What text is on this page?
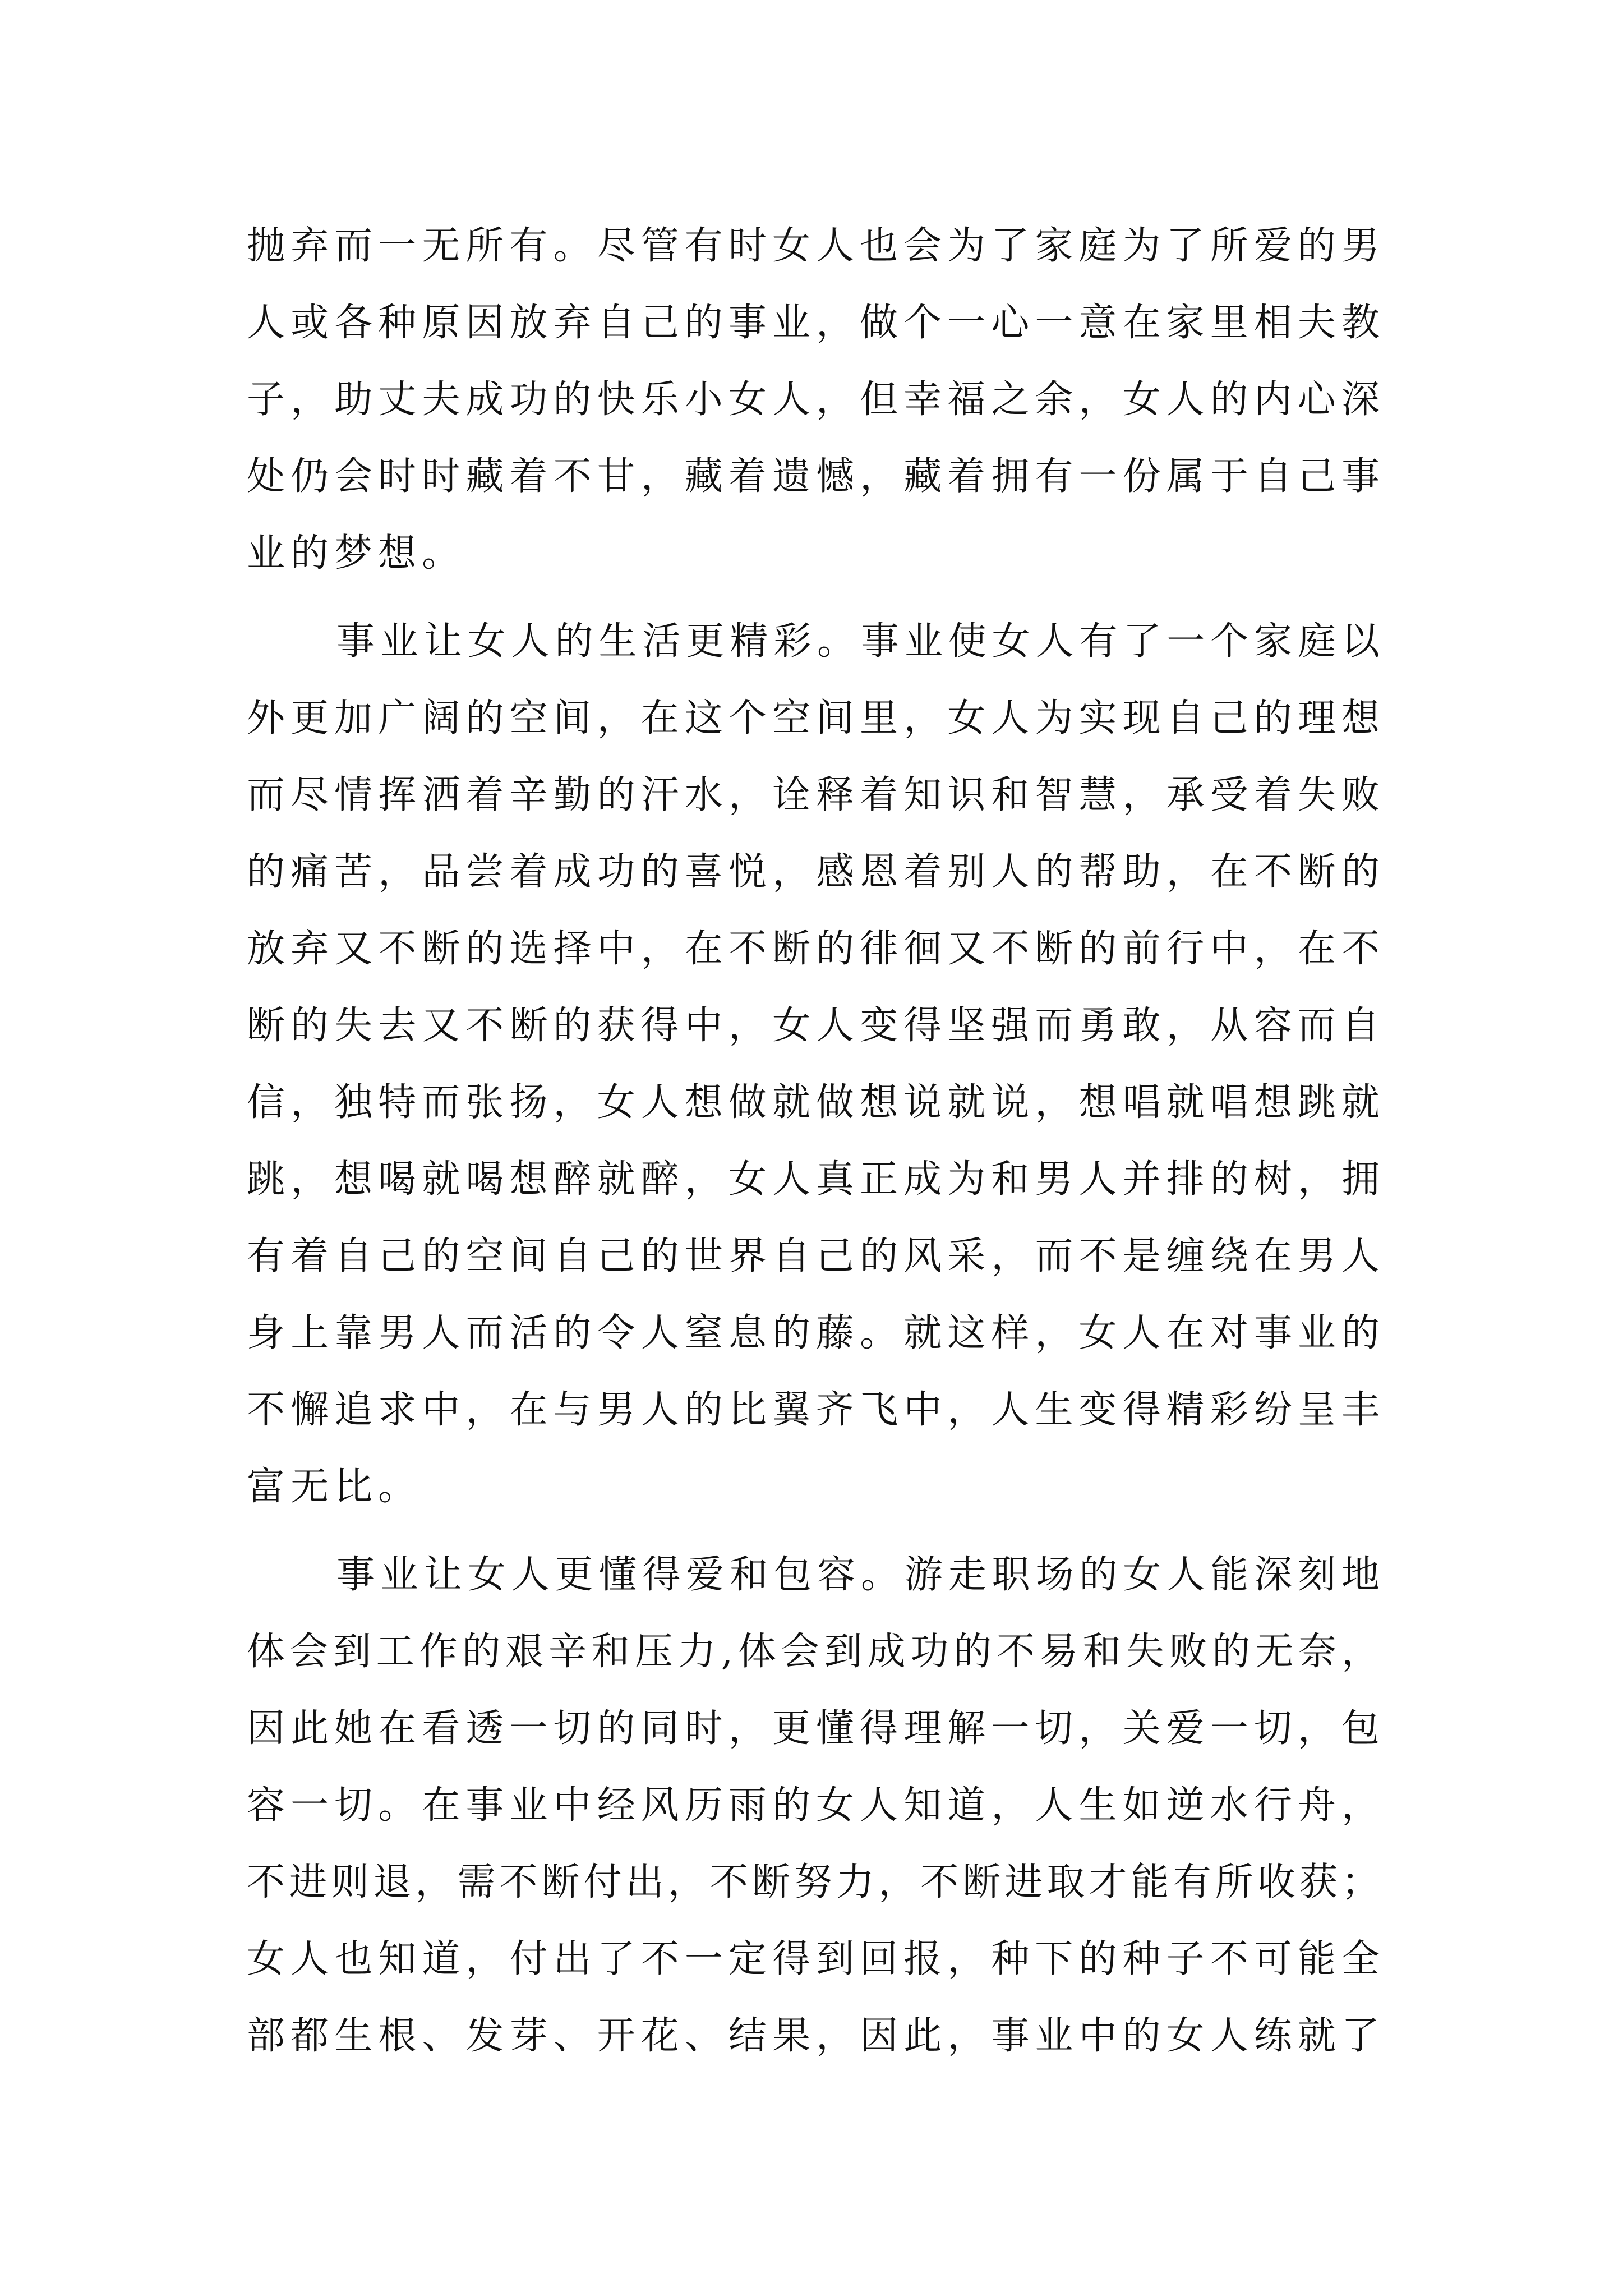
抛弃而一无所有。尽管有时女人也会为了家庭为了所爱的男
人或各种原因放弃自己的事业，做个一心一意在家里相夫教
子，助丈夫成功的快乐小女人，但幸福之余，女人的内心深
处仍会时时藏着不甘，藏着遗憾，藏着拥有一份属于自己事
业的梦想。
事业让女人的生活更精彩。事业使女人有了一个家庭以
外更加广阔的空间，在这个空间里，女人为实现自己的理想
而尽情挥洒着辛勤的汗水，诠释着知识和智慧，承受着失败
的痛苦，品尝着成功的喜悦，感恩着别人的帮助，在不断的
放弃又不断的选择中，在不断的徘徊又不断的前行中，在不
断的失去又不断的获得中，女人变得坚强而勇敢，从容而自
信，独特而张扬，女人想做就做想说就说，想唱就唱想跳就
跳，想喝就喝想醉就醉，女人真正成为和男人并排的树，拥
有着自己的空间自己的世界自己的风采，而不是缠绕在男人
身上靠男人而活的令人窒息的藤。就这样，女人在对事业的
不懈追求中，在与男人的比翼齐飞中，人生变得精彩纷呈丰
富无比。
事业让女人更懂得爱和包容。游走职场的女人能深刻地
体会到工作的艰辛和压力,体会到成功的不易和失败的无奈，
因此她在看透一切的同时，更懂得理解一切，关爱一切，包
容一切。在事业中经风历雨的女人知道，人生如逆水行舟，
不进则退，需不断付出，不断努力，不断进取才能有所收获；
女人也知道，付出了不一定得到回报，种下的种子不可能全
部都生根、发芽、开花、结果，因此，事业中的女人练就了
